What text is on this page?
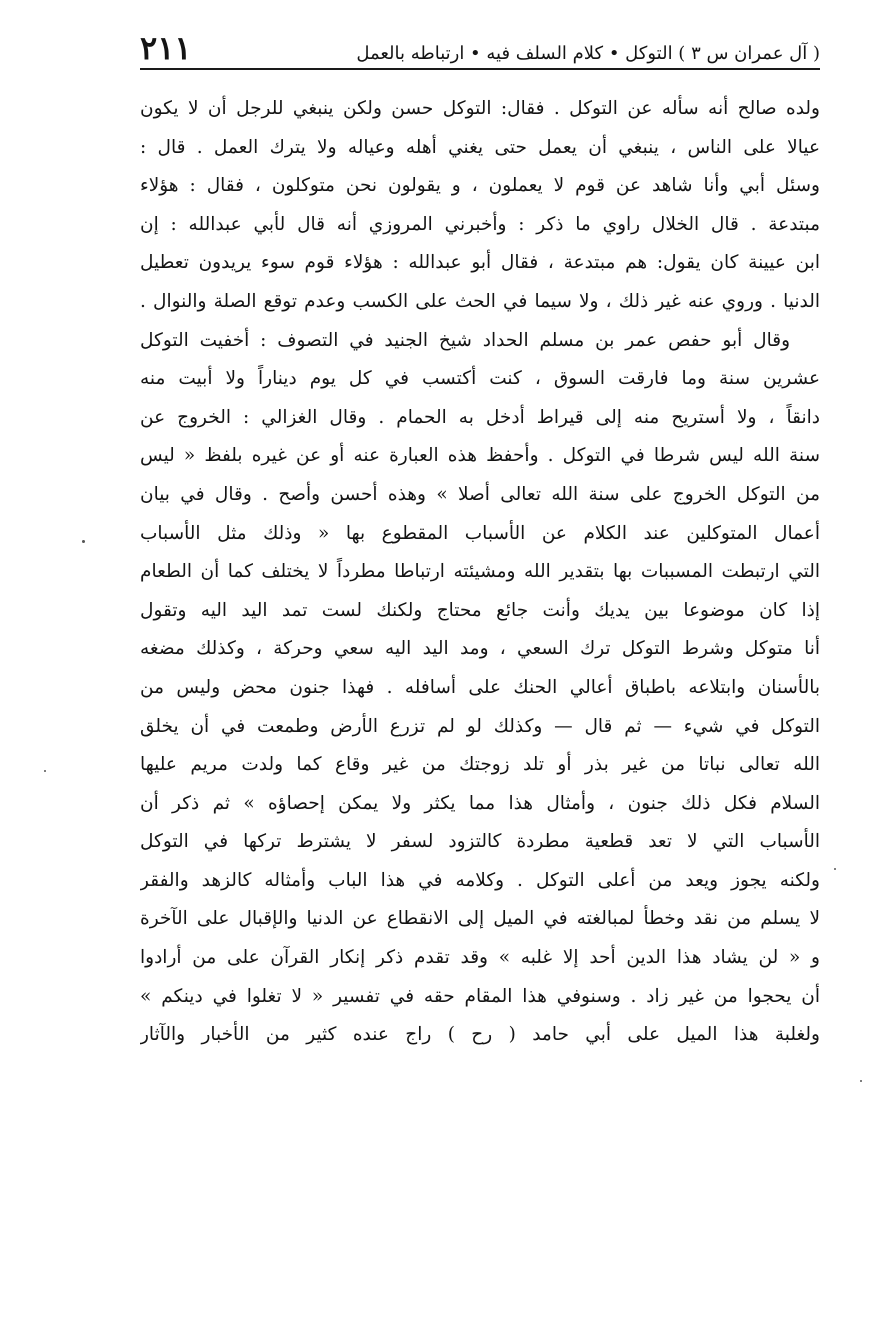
( آل عمران س ٣ ) التوكل • كلام السلف فيه • ارتباطه بالعمل
٢١١
ولده صالح أنه سأله عن التوكل . فقال: التوكل حسن ولكن ينبغي للرجل أن لا يكون
عيالا على الناس ، ينبغي أن يعمل حتى يغني أهله وعياله ولا يترك العمل . قال :
وسئل أبي وأنا شاهد عن قوم لا يعملون ، و يقولون نحن متوكلون ، فقال : هؤلاء
مبتدعة . قال الخلال راوي ما ذكر : وأخبرني المروزي أنه قال لأبي عبدالله : إن
ابن عيينة كان يقول: هم مبتدعة ، فقال أبو عبدالله : هؤلاء قوم سوء يريدون تعطيل
الدنيا . وروي عنه غير ذلك ، ولا سيما في الحث على الكسب وعدم توقع الصلة والنوال .
وقال أبو حفص عمر بن مسلم الحداد شيخ الجنيد في التصوف : أخفيت التوكل
عشرين سنة وما فارقت السوق ، كنت أكتسب في كل يوم ديناراً ولا أبيت منه
دانقاً ، ولا أستريح منه إلى قيراط أدخل به الحمام . وقال الغزالي : الخروج عن
سنة الله ليس شرطا في التوكل . وأحفظ هذه العبارة عنه أو عن غيره بلفظ « ليس
من التوكل الخروج على سنة الله تعالى أصلا » وهذه أحسن وأصح . وقال في بيان
أعمال المتوكلين عند الكلام عن الأسباب المقطوع بها « وذلك مثل الأسباب
التي ارتبطت المسببات بها بتقدير الله ومشيئته ارتباطا مطرداً لا يختلف كما أن الطعام
إذا كان موضوعا بين يديك وأنت جائع محتاج ولكنك لست تمد اليد اليه وتقول
أنا متوكل وشرط التوكل ترك السعي ، ومد اليد اليه سعي وحركة ، وكذلك مضغه
بالأسنان وابتلاعه باطباق أعالي الحنك على أسافله . فهذا جنون محض وليس من
التوكل في شيء — ثم قال — وكذلك لو لم تزرع الأرض وطمعت في أن يخلق
الله تعالى نباتا من غير بذر أو تلد زوجتك من غير وقاع كما ولدت مريم عليها
السلام فكل ذلك جنون ، وأمثال هذا مما يكثر ولا يمكن إحصاؤه » ثم ذكر أن
الأسباب التي لا تعد قطعية مطردة كالتزود لسفر لا يشترط تركها في التوكل
ولكنه يجوز ويعد من أعلى التوكل . وكلامه في هذا الباب وأمثاله كالزهد والفقر
لا يسلم من نقد وخطأ لمبالغته في الميل إلى الانقطاع عن الدنيا والإقبال على الآخرة
و « لن يشاد هذا الدين أحد إلا غلبه » وقد تقدم ذكر إنكار القرآن على من أرادوا
أن يحجوا من غير زاد . وسنوفي هذا المقام حقه في تفسير « لا تغلوا في دينكم »
ولغلبة هذا الميل على أبي حامد ( رح ) راج عنده كثير من الأخبار والآثار
